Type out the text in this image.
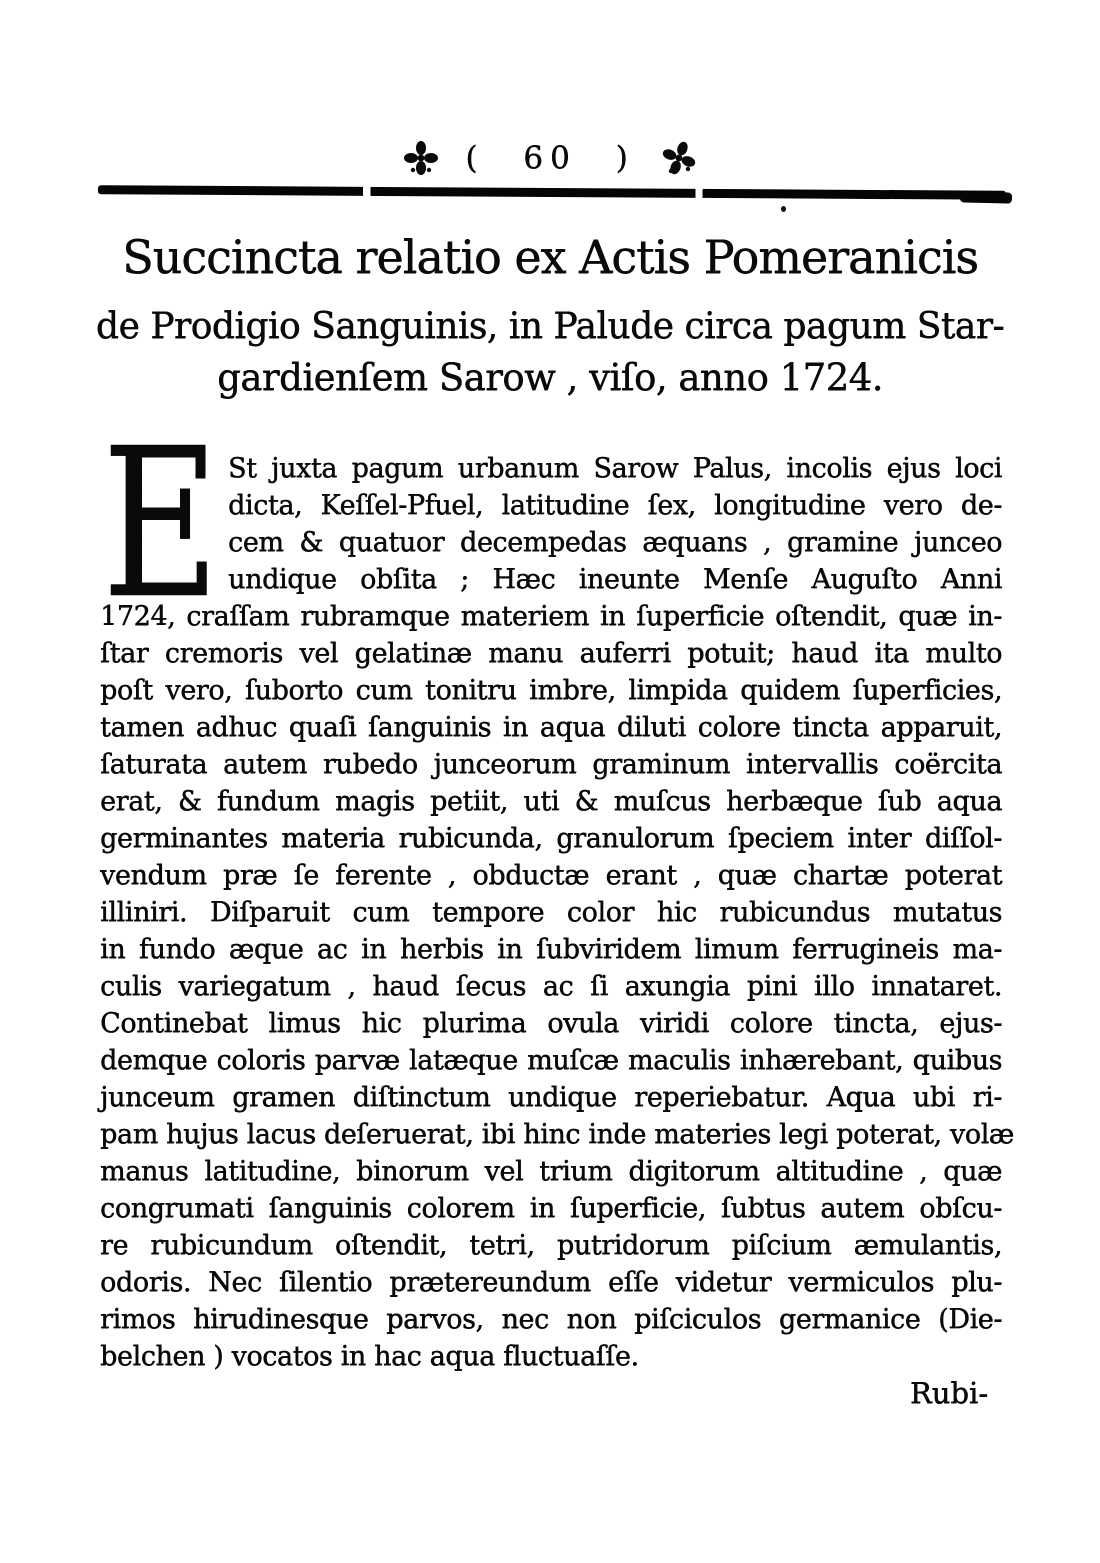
( 60 )
Succincta relatio ex Actis Pomeranicis
de Prodigio Sanguinis, in Palude circa pagum Star-
gardienſem Sarow , viſo, anno 1724.
E St juxta pagum urbanum Sarow Palus, incolis ejus loci
dicta, Keſſel-Pfuel, latitudine ſex, longitudine vero de-
cem & quatuor decempedas æquans , gramine junceo
undique obſita ; Hæc ineunte Menſe Auguſto Anni
1724, craſſam rubramque materiem in ſuperficie oſtendit, quæ in-
ſtar cremoris vel gelatinæ manu auferri potuit; haud ita multo
poſt vero, ſuborto cum tonitru imbre, limpida quidem ſuperficies,
tamen adhuc quaſi ſanguinis in aqua diluti colore tincta apparuit,
ſaturata autem rubedo junceorum graminum intervallis coërcita
erat, & fundum magis petiit, uti & muſcus herbæque ſub aqua
germinantes materia rubicunda, granulorum ſpeciem inter diſſol-
vendum præ ſe ferente , obductæ erant , quæ chartæ poterat
illiniri. Diſparuit cum tempore color hic rubicundus mutatus
in fundo æque ac in herbis in ſubviridem limum ferrugineis ma-
culis variegatum , haud ſecus ac ſi axungia pini illo innataret.
Continebat limus hic plurima ovula viridi colore tincta, ejus-
demque coloris parvæ latæque muſcæ maculis inhærebant, quibus
junceum gramen diſtinctum undique reperiebatur. Aqua ubi ri-
pam hujus lacus deſeruerat, ibi hinc inde materies legi poterat, volæ
manus latitudine, binorum vel trium digitorum altitudine , quæ
congrumati ſanguinis colorem in ſuperficie, ſubtus autem obſcu-
re rubicundum oſtendit, tetri, putridorum piſcium æmulantis,
odoris. Nec ſilentio prætereundum eſſe videtur vermiculos plu-
rimos hirudinesque parvos, nec non piſciculos germanice (Die-
belchen ) vocatos in hac aqua fluctuaſſe.
Rubi-
